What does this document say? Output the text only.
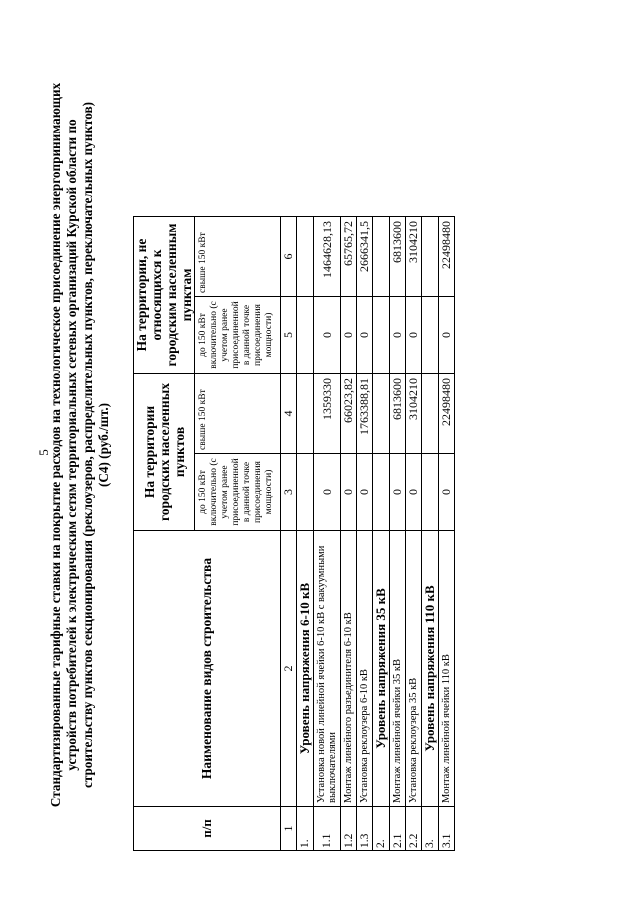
5
Стандартизированные тарифные ставки на покрытие расходов на технологическое присоединение энергопринимающих устройств потребителей к электрическим сетям территориальных сетевых организаций Курской области по строительству пунктов секционирования (реклоузеров, распределительных пунктов, переключательных пунктов) (С4) (руб./шт.)
п/п	Наименование видов строительства	На территории городских населенных пунктов		На территории, не относящихся к городским населенным пунктам	
		до 150 кВт включительно (с учетом ранее присоединенной в данной точке присоединения мощности)	свыше 150 кВт	до 150 кВт включительно (с учетом ранее присоединенной в данной точке присоединения мощности)	свыше 150 кВт
1	2	3	4	5	6
1.	Уровень напряжения 6-10 кВ				
1.1	Установка новой линейной ячейки 6-10 кВ с вакуумными выключателями	0	1359330	0	1464628,13
1.2	Монтаж линейного разъединителя 6-10 кВ	0	66023,82	0	65765,72
1.3	Установка реклоузера 6-10 кВ	0	1763388,81	0	2666341,5
2.	Уровень напряжения 35 кВ				
2.1	Монтаж линейной ячейки 35 кВ	0	6813600	0	6813600
2.2	Установка реклоузера 35 кВ	0	3104210	0	3104210
3.	Уровень напряжения 110 кВ				
3.1	Монтаж линейной ячейки 110 кВ	0	22498480	0	22498480
